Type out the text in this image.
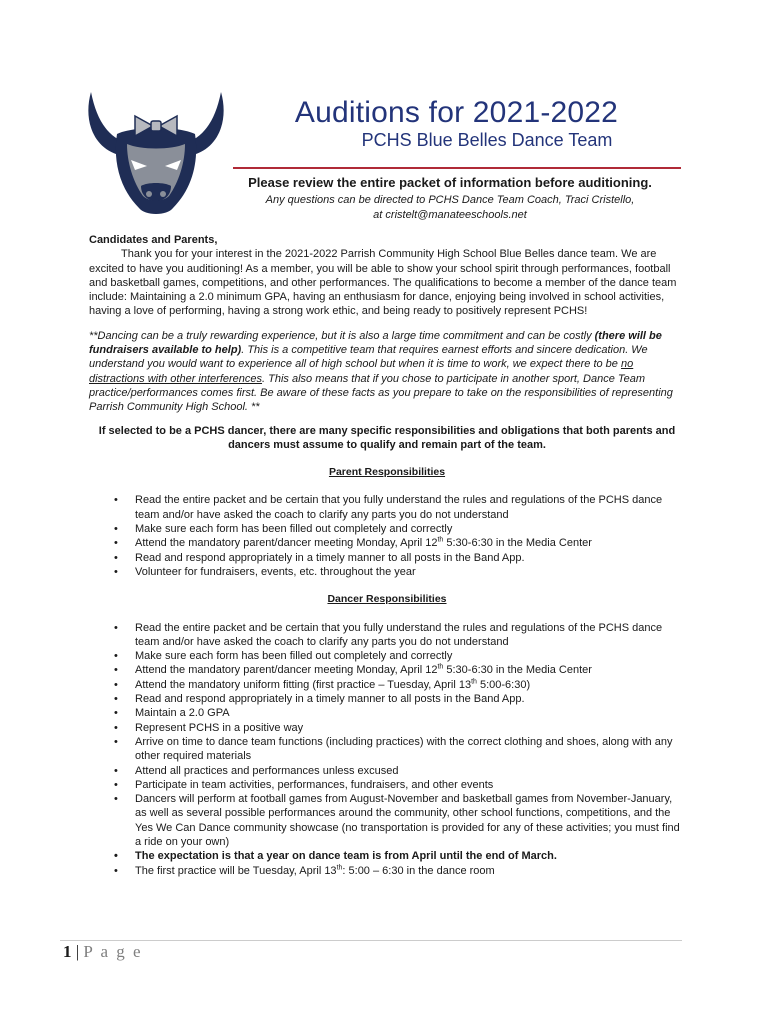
Auditions for 2021-2022
PCHS Blue Belles Dance Team
Please review the entire packet of information before auditioning.
Any questions can be directed to PCHS Dance Team Coach, Traci Cristello,
at cristelt@manateeschools.net

Candidates and Parents,

Thank you for your interest in the 2021-2022 Parrish Community High School Blue Belles dance team. We are excited to have you auditioning! As a member, you will be able to show your school spirit through performances, football and basketball games, competitions, and other performances. The qualifications to become a member of the dance team include: Maintaining a 2.0 minimum GPA, having an enthusiasm for dance, enjoying being involved in school activities, having a love of performing, having a strong work ethic, and being ready to positively represent PCHS!

**Dancing can be a truly rewarding experience, but it is also a large time commitment and can be costly (there will be fundraisers available to help). This is a competitive team that requires earnest efforts and sincere dedication. We understand you would want to experience all of high school but when it is time to work, we expect there to be no distractions with other interferences. This also means that if you chose to participate in another sport, Dance Team practice/performances comes first. Be aware of these facts as you prepare to take on the responsibilities of representing Parrish Community High School. **

If selected to be a PCHS dancer, there are many specific responsibilities and obligations that both parents and dancers must assume to qualify and remain part of the team.

Parent Responsibilities

• Read the entire packet and be certain that you fully understand the rules and regulations of the PCHS dance team and/or have asked the coach to clarify any parts you do not understand
• Make sure each form has been filled out completely and correctly
• Attend the mandatory parent/dancer meeting Monday, April 12th 5:30-6:30 in the Media Center
• Read and respond appropriately in a timely manner to all posts in the Band App.
• Volunteer for fundraisers, events, etc. throughout the year

Dancer Responsibilities

• Read the entire packet and be certain that you fully understand the rules and regulations of the PCHS dance team and/or have asked the coach to clarify any parts you do not understand
• Make sure each form has been filled out completely and correctly
• Attend the mandatory parent/dancer meeting Monday, April 12th 5:30-6:30 in the Media Center
• Attend the mandatory uniform fitting (first practice – Tuesday, April 13th 5:00-6:30)
• Read and respond appropriately in a timely manner to all posts in the Band App.
• Maintain a 2.0 GPA
• Represent PCHS in a positive way
• Arrive on time to dance team functions (including practices) with the correct clothing and shoes, along with any other required materials
• Attend all practices and performances unless excused
• Participate in team activities, performances, fundraisers, and other events
• Dancers will perform at football games from August-November and basketball games from November-January, as well as several possible performances around the community, other school functions, competitions, and the Yes We Can Dance community showcase (no transportation is provided for any of these activities; you must find a ride on your own)
• The expectation is that a year on dance team is from April until the end of March.
• The first practice will be Tuesday, April 13th: 5:00 – 6:30 in the dance room
1 | P a g e
